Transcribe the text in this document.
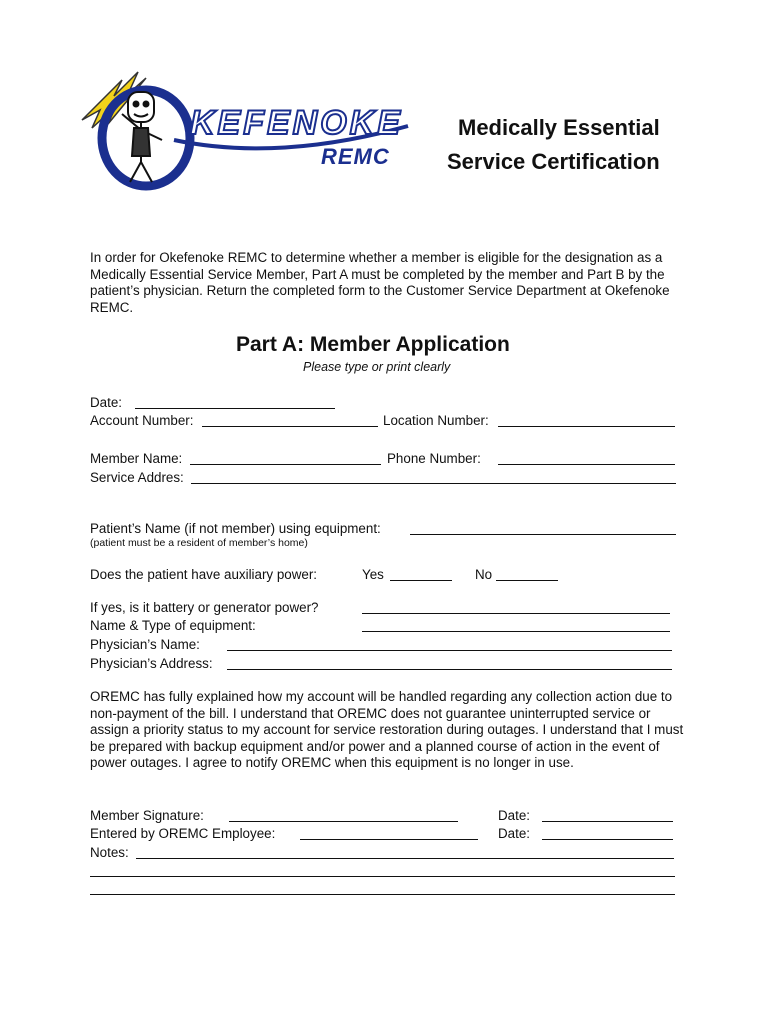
KEFENOKE
REMC
Medically Essential
Service Certification
In order for Okefenoke REMC to determine whether a member is eligible for the designation as a Medically Essential Service Member, Part A must be completed by the member and Part B by the patient’s physician. Return the completed form to the Customer Service Department at Okefenoke REMC.
Part A: Member Application
Please type or print clearly
Date:
Account Number:	Location Number:
Member Name:	Phone Number:
Service Addres:
Patient’s Name (if not member) using equipment:
(patient must be a resident of member’s home)
Does the patient have auxiliary power:	Yes	No
If yes, is it battery or generator power?
Name & Type of equipment:
Physician’s Name:
Physician’s Address:
OREMC has fully explained how my account will be handled regarding any collection action due to non-payment of the bill. I understand that OREMC does not guarantee uninterrupted service or assign a priority status to my account for service restoration during outages. I understand that I must be prepared with backup equipment and/or power and a planned course of action in the event of power outages. I agree to notify OREMC when this equipment is no longer in use.
Member Signature:	Date:
Entered by OREMC Employee:	Date:
Notes:
